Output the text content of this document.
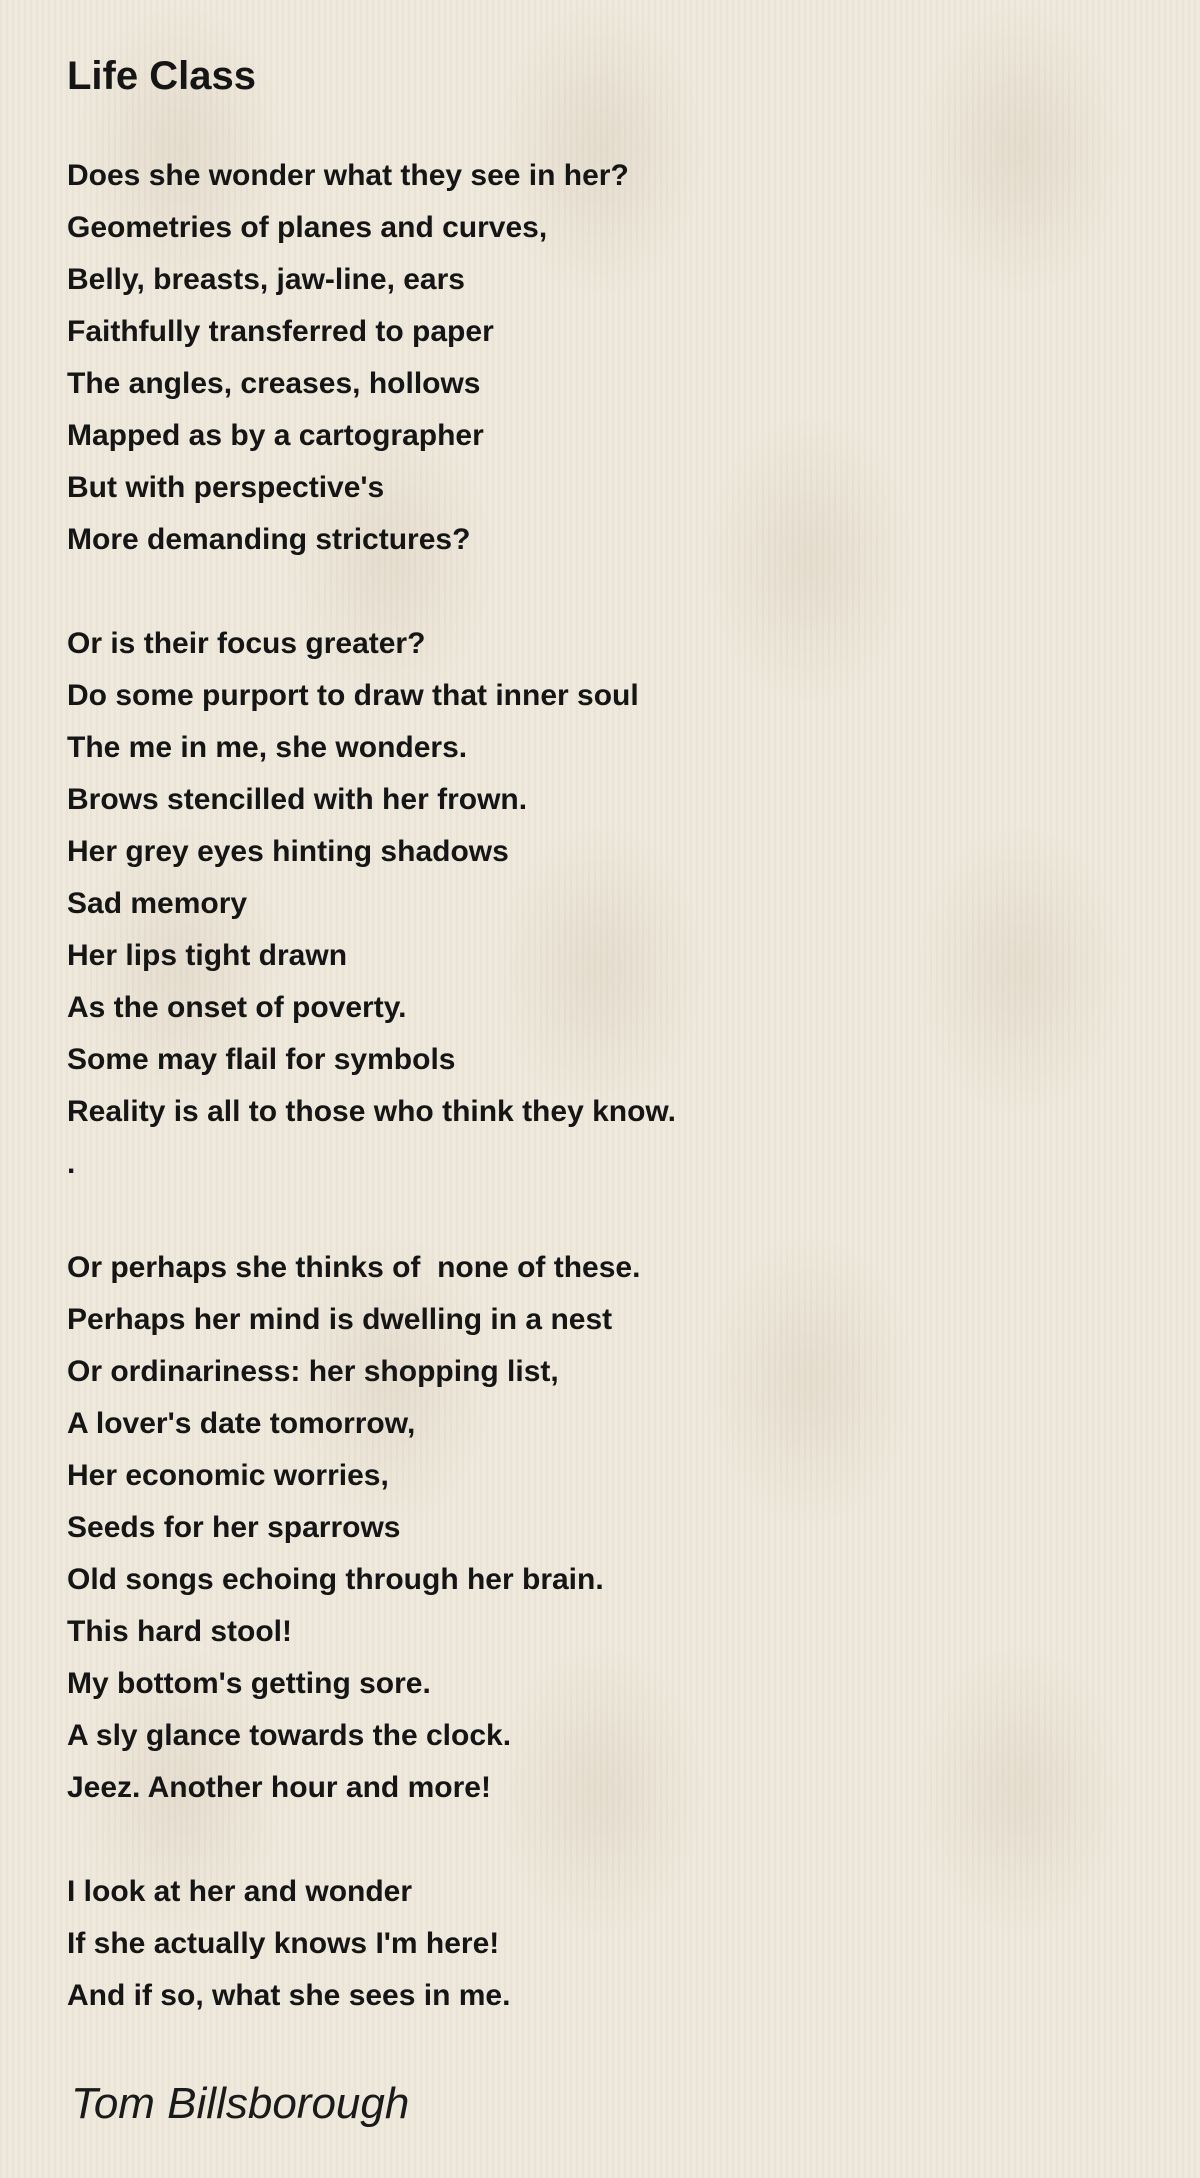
Life Class
Does she wonder what they see in her?
Geometries of planes and curves,
Belly, breasts, jaw-line, ears
Faithfully transferred to paper
The angles, creases, hollows
Mapped as by a cartographer
But with perspective's
More demanding strictures?
Or is their focus greater?
Do some purport to draw that inner soul
The me in me, she wonders.
Brows stencilled with her frown.
Her grey eyes hinting shadows
Sad memory
Her lips tight drawn
As the onset of poverty.
Some may flail for symbols
Reality is all to those who think they know.
.
Or perhaps she thinks of  none of these.
Perhaps her mind is dwelling in a nest
Or ordinariness: her shopping list,
A lover's date tomorrow,
Her economic worries,
Seeds for her sparrows
Old songs echoing through her brain.
This hard stool!
My bottom's getting sore.
A sly glance towards the clock.
Jeez. Another hour and more!
I look at her and wonder
If she actually knows I'm here!
And if so, what she sees in me.
Tom Billsborough
